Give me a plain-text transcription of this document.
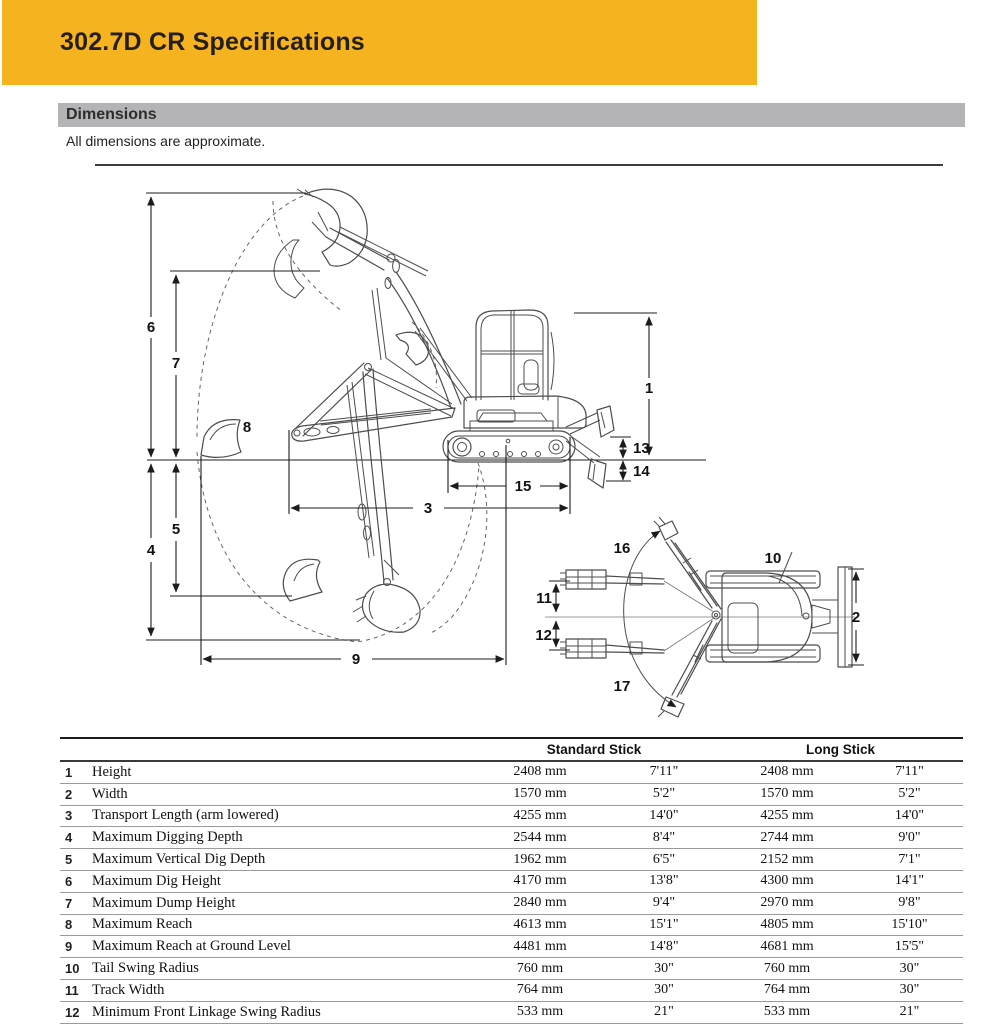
302.7D CR Specifications
Dimensions
All dimensions are approximate.
6
7
4
5
8
1
13
14
15
3
9
16
17
11
12
2
10
Standard Stick	Long Stick
1	Height	2408 mm	7'11"	2408 mm	7'11"
2	Width	1570 mm	5'2"	1570 mm	5'2"
3	Transport Length (arm lowered)	4255 mm	14'0"	4255 mm	14'0"
4	Maximum Digging Depth	2544 mm	8'4"	2744 mm	9'0"
5	Maximum Vertical Dig Depth	1962 mm	6'5"	2152 mm	7'1"
6	Maximum Dig Height	4170 mm	13'8"	4300 mm	14'1"
7	Maximum Dump Height	2840 mm	9'4"	2970 mm	9'8"
8	Maximum Reach	4613 mm	15'1"	4805 mm	15'10"
9	Maximum Reach at Ground Level	4481 mm	14'8"	4681 mm	15'5"
10 Tail Swing Radius	760 mm	30"	760 mm	30"
11 Track Width	764 mm	30"	764 mm	30"
12 Minimum Front Linkage Swing Radius	533 mm	21"	533 mm	21"
